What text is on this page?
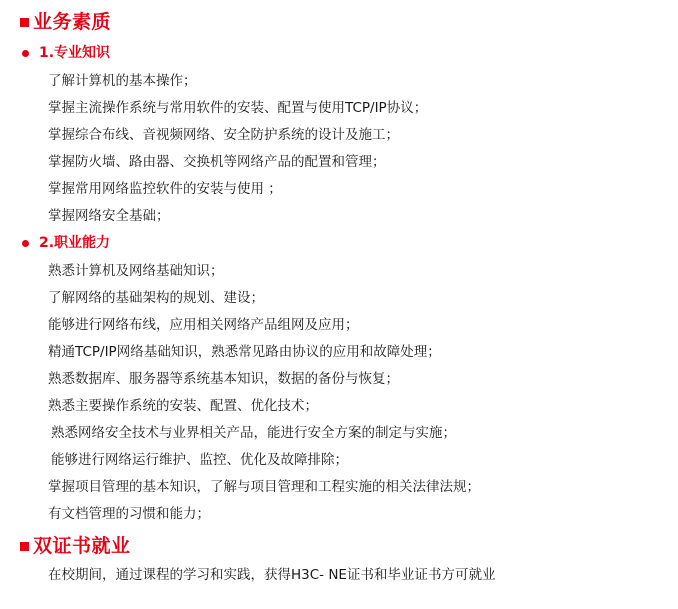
业务素质
1.专业知识
了解计算机的基本操作；
掌握主流操作系统与常用软件的安装、配置与使用TCP/IP协议；
掌握综合布线、音视频网络、安全防护系统的设计及施工；
掌握防火墙、路由器、交换机等网络产品的配置和管理；
掌握常用网络监控软件的安装与使用 ；
掌握网络安全基础；
2.职业能力
熟悉计算机及网络基础知识；
了解网络的基础架构的规划、建设；
能够进行网络布线，应用相关网络产品组网及应用；
精通TCP/IP网络基础知识，熟悉常见路由协议的应用和故障处理；
熟悉数据库、服务器等系统基本知识，数据的备份与恢复；
熟悉主要操作系统的安装、配置、优化技术；
熟悉网络安全技术与业界相关产品，能进行安全方案的制定与实施；
能够进行网络运行维护、监控、优化及故障排除；
掌握项目管理的基本知识，了解与项目管理和工程实施的相关法律法规；
有文档管理的习惯和能力；
双证书就业
在校期间，通过课程的学习和实践，获得H3C- NE证书和毕业证书方可就业
